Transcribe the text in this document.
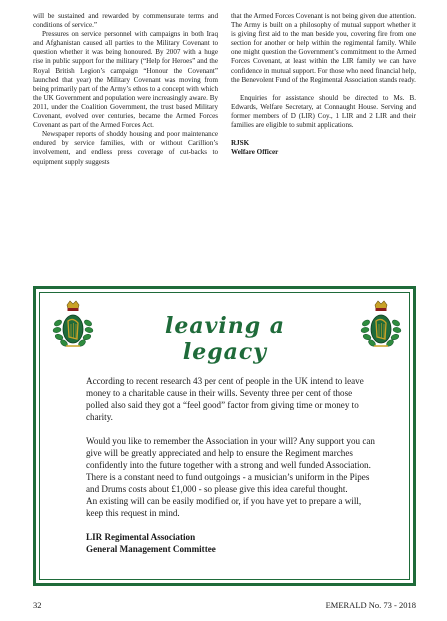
will be sustained and rewarded by commensurate terms and conditions of service.”

Pressures on service personnel with campaigns in both Iraq and Afghanistan caused all parties to the Military Covenant to question whether it was being honoured. By 2007 with a huge rise in public support for the military (“Help for Heroes” and the Royal British Legion’s campaign “Honour the Covenant” launched that year) the Military Covenant was moving from being primarily part of the Army’s ethos to a concept with which the UK Government and population were increasingly aware. By 2011, under the Coalition Government, the trust based Military Covenant, evolved over centuries, became the Armed Forces Covenant as part of the Armed Forces Act.

Newspaper reports of shoddy housing and poor maintenance endured by service families, with or without Carillion’s involvement, and endless press coverage of cut-backs to equipment supply suggests

that the Armed Forces Covenant is not being given due attention. The Army is built on a philosophy of mutual support whether it is giving first aid to the man beside you, covering fire from one section for another or help within the regimental family. While one might question the Government’s commitment to the Armed Forces Covenant, at least within the LIR family we can have confidence in mutual support. For those who need financial help, the Benevolent Fund of the Regimental Association stands ready.

Enquiries for assistance should be directed to Ms. B. Edwards, Welfare Secretary, at Connaught House. Serving and former members of D (LIR) Coy., 1 LIR and 2 LIR and their families are eligible to submit applications.

RJSK

Welfare Officer

leaving a legacy

According to recent research 43 per cent of people in the UK intend to leave money to a charitable cause in their wills. Seventy three per cent of those polled also said they got a “feel good” factor from giving time or money to charity.

Would you like to remember the Association in your will? Any support you can give will be greatly appreciated and help to ensure the Regiment marches confidently into the future together with a strong and well funded Association. There is a constant need to fund outgoings - a musician’s uniform in the Pipes and Drums costs about £1,000 - so please give this idea careful thought.

An existing will can be easily modified or, if you have yet to prepare a will, keep this request in mind.

LIR Regimental Association

General Management Committee

32	EMERALD No. 73 - 2018
